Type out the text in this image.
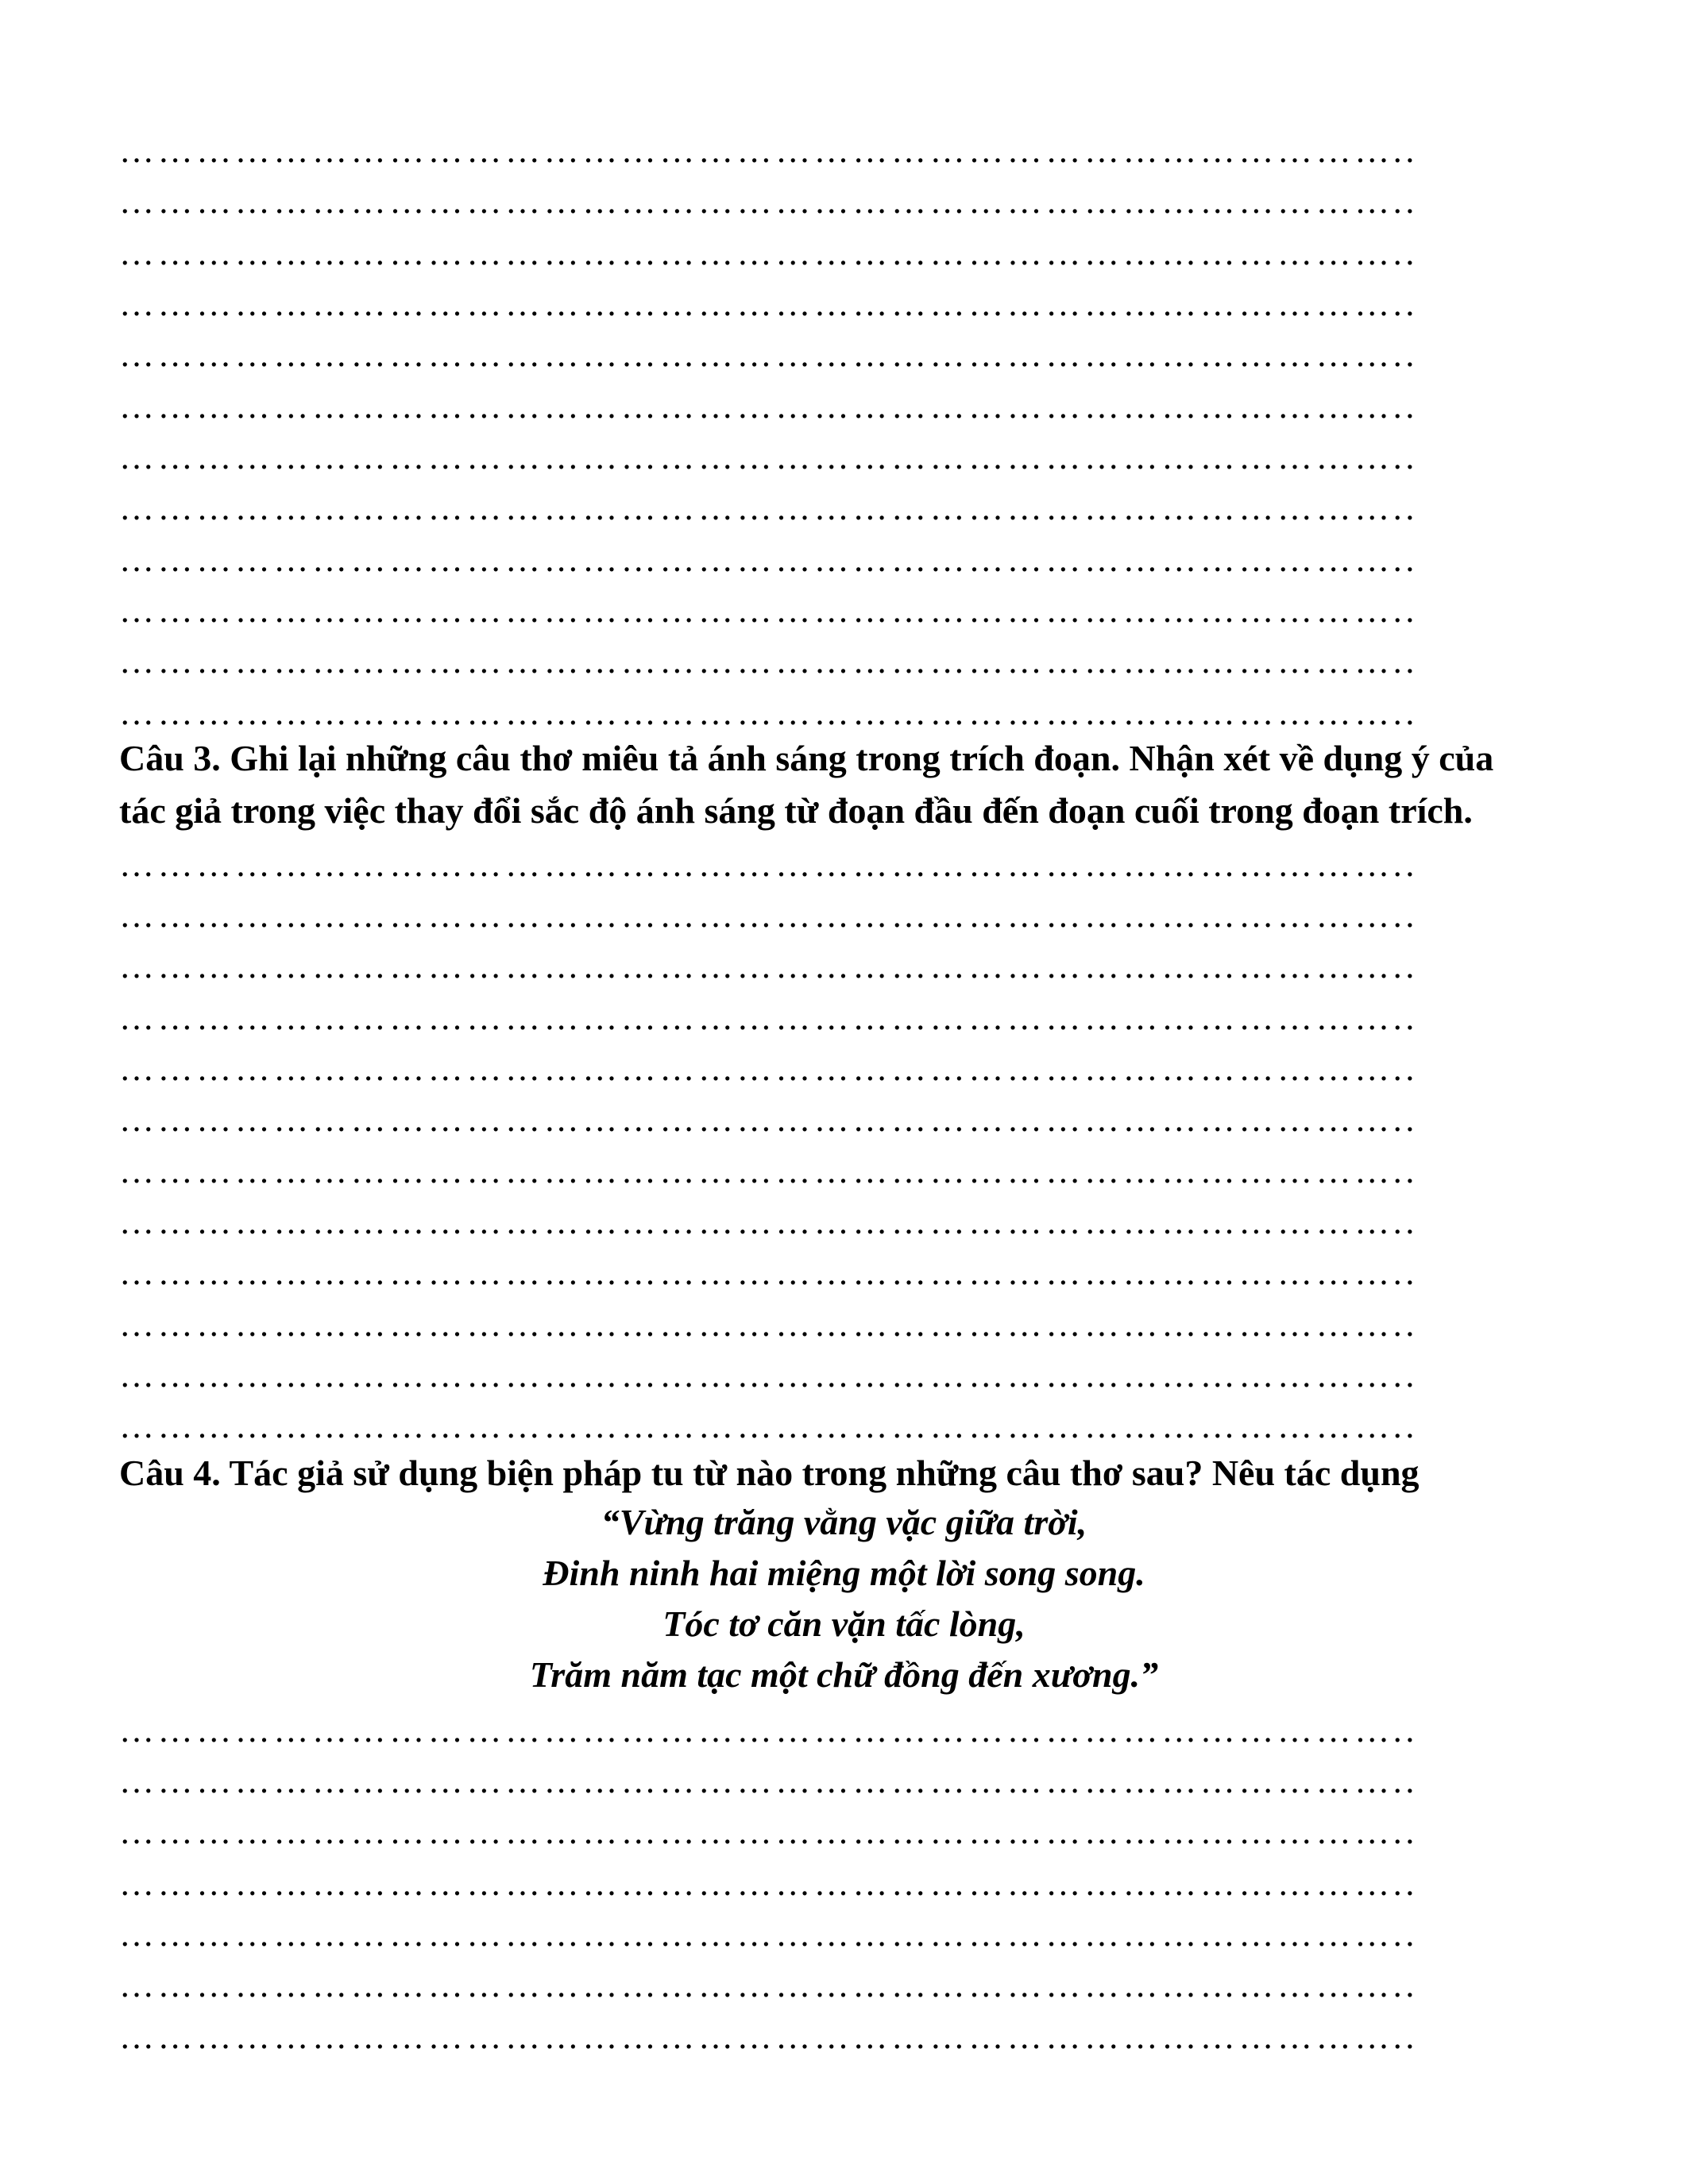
………………………………………………………………………………………..
………………………………………………………………………………………..
………………………………………………………………………………………..
………………………………………………………………………………………..
………………………………………………………………………………………..
………………………………………………………………………………………..
………………………………………………………………………………………..
………………………………………………………………………………………..
………………………………………………………………………………………..
………………………………………………………………………………………..
………………………………………………………………………………………..
………………………………………………………………………………………..
Câu 3. Ghi lại những câu thơ miêu tả ánh sáng trong trích đoạn. Nhận xét về dụng ý của
tác giả trong việc thay đổi sắc độ ánh sáng từ đoạn đầu đến đoạn cuối trong đoạn trích.
………………………………………………………………………………………..
………………………………………………………………………………………..
………………………………………………………………………………………..
………………………………………………………………………………………..
………………………………………………………………………………………..
………………………………………………………………………………………..
………………………………………………………………………………………..
………………………………………………………………………………………..
………………………………………………………………………………………..
………………………………………………………………………………………..
………………………………………………………………………………………..
………………………………………………………………………………………..
Câu 4. Tác giả sử dụng biện pháp tu từ nào trong những câu thơ sau? Nêu tác dụng
“Vừng trăng vằng vặc giữa trời,
Đinh ninh hai miệng một lời song song.
Tóc tơ căn vặn tấc lòng,
Trăm năm tạc một chữ đồng đến xương.”
………………………………………………………………………………………..
………………………………………………………………………………………..
………………………………………………………………………………………..
………………………………………………………………………………………..
………………………………………………………………………………………..
………………………………………………………………………………………..
………………………………………………………………………………………..
